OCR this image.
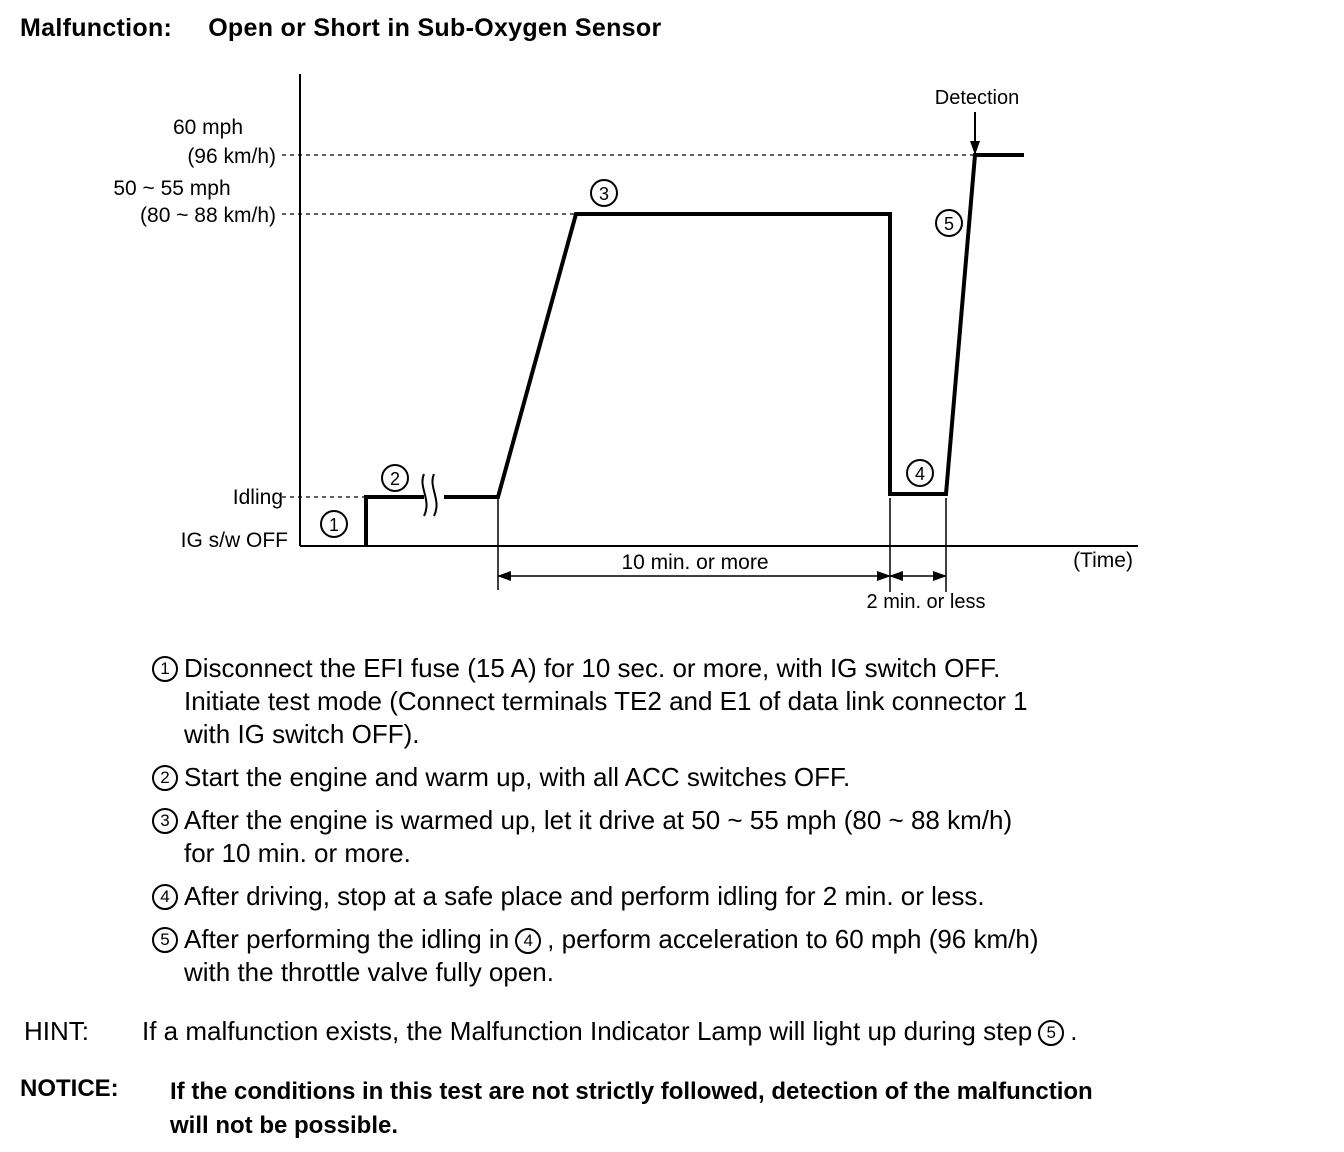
Malfunction: Open or Short in Sub-Oxygen Sensor
60 mph
(96 km/h)
50 ~ 55 mph
(80 ~ 88 km/h)
Idling
IG s/w OFF
Detection
10 min. or more
2 min. or less
(Time)
1
2
3
4
5
1 Disconnect the EFI fuse (15 A) for 10 sec. or more, with IG switch OFF.
Initiate test mode (Connect terminals TE2 and E1 of data link connector 1
with IG switch OFF).
2 Start the engine and warm up, with all ACC switches OFF.
3 After the engine is warmed up, let it drive at 50 ~ 55 mph (80 ~ 88 km/h)
for 10 min. or more.
4 After driving, stop at a safe place and perform idling for 2 min. or less.
5 After performing the idling in 4 , perform acceleration to 60 mph (96 km/h)
with the throttle valve fully open.
HINT: If a malfunction exists, the Malfunction Indicator Lamp will light up during step 5 .
NOTICE: If the conditions in this test are not strictly followed, detection of the malfunction
will not be possible.
